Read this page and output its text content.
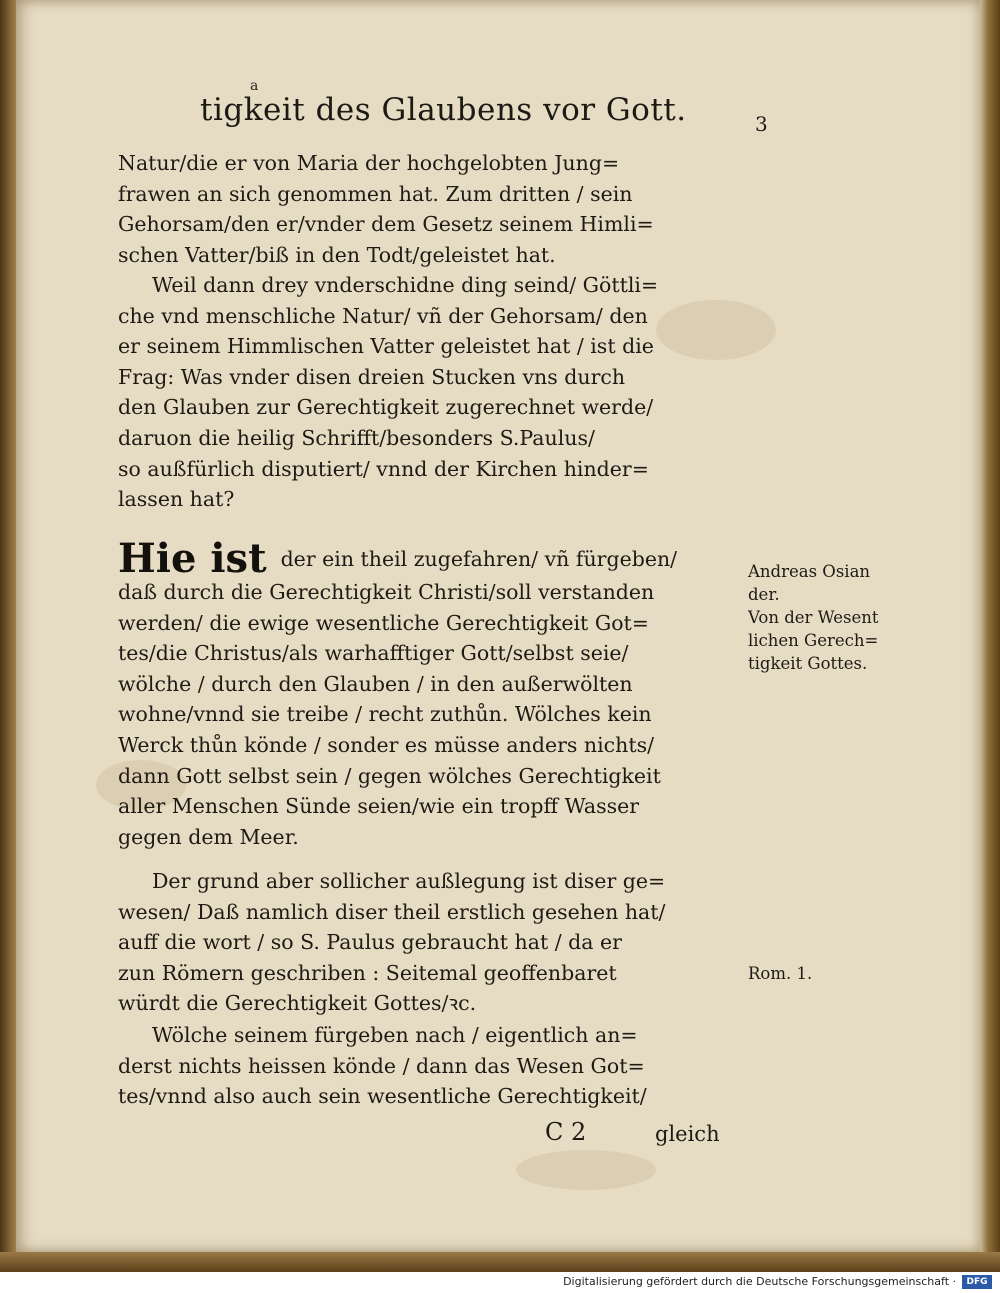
a
tigkeit des Glaubens vor Gott.	3
Natur/die er von Maria der hochgelobten Jung=
frawen an sich genommen hat. Zum dritten / sein
Gehorsam/den er/vnder dem Gesetz seinem Himli=
schen Vatter/biß in den Todt/geleistet hat.
Weil dann drey vnderschidne ding seind/ Göttli=
che vnd menschliche Natur/ vñ der Gehorsam/ den
er seinem Himmlischen Vatter geleistet hat / ist die
Frag: Was vnder disen dreien Stucken vns durch
den Glauben zur Gerechtigkeit zugerechnet werde/
daruon die heilig Schrifft/besonders S.Paulus/
so außfürlich disputiert/ vnnd der Kirchen hinder=
lassen hat?
Hie ist der ein theil zugefahren/ vñ fürgeben/
daß durch die Gerechtigkeit Christi/soll verstanden
werden/ die ewige wesentliche Gerechtigkeit Got=
tes/die Christus/als warhafftiger Gott/selbst seie/
wölche / durch den Glauben / in den außerwölten
wohne/vnnd sie treibe / recht zuthůn. Wölches kein
Werck thůn könde / sonder es müsse anders nichts/
dann Gott selbst sein / gegen wölches Gerechtigkeit
aller Menschen Sünde seien/wie ein tropff Wasser
gegen dem Meer.
Der grund aber sollicher außlegung ist diser ge=
wesen/ Daß namlich diser theil erstlich gesehen hat/
auff die wort / so S. Paulus gebraucht hat / da er
zun Römern geschriben : Seitemal geoffenbaret
würdt die Gerechtigkeit Gottes/ꝛc.
Wölche seinem fürgeben nach / eigentlich an=
derst nichts heissen könde / dann das Wesen Got=
tes/vnnd also auch sein wesentliche Gerechtigkeit/
Andreas Osian
der.
Von der Wesent
lichen Gerech=
tigkeit Gottes.
Rom. 1.
C 2	gleich
Digitalisierung gefördert durch die Deutsche Forschungsgemeinschaft ·	DFG
